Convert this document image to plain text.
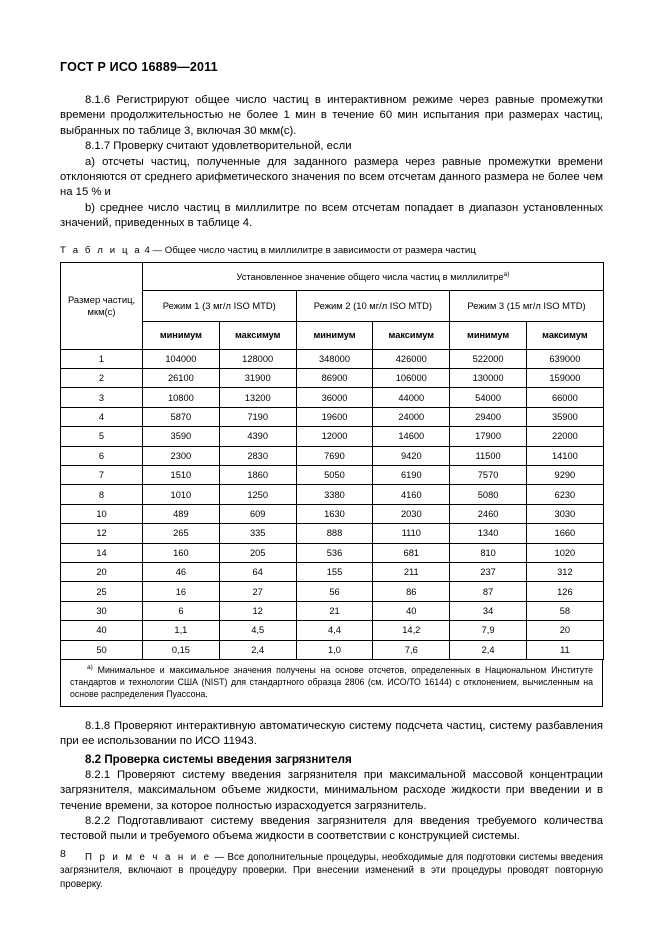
ГОСТ Р ИСО 16889—2011

8.1.6 Регистрируют общее число частиц в интерактивном режиме через равные промежутки времени продолжительностью не более 1 мин в течение 60 мин испытания при размерах частиц, выбранных по таблице 3, включая 30 мкм(с).

8.1.7 Проверку считают удовлетворительной, если

a) отсчеты частиц, полученные для заданного размера через равные промежутки времени отклоняются от среднего арифметического значения по всем отсчетам данного размера не более чем на 15 % и

b) среднее число частиц в миллилитре по всем отсчетам попадает в диапазон установленных значений, приведенных в таблице 4.

Т а б л и ц а 4 — Общее число частиц в миллилитре в зависимости от размера частиц
Размер частиц, мкм(с)	Установленное значение общего числа частиц в миллилитре$^{a)}$
	Режим 1 (3 мг/л ISO MTD)		Режим 2 (10 мг/л ISO MTD)		Режим 3 (15 мг/л ISO MTD)	
	минимум	максимум	минимум	максимум	минимум	максимум
1	104000	128000	348000	426000	522000	639000
2	26100	31900	86900	106000	130000	159000
3	10800	13200	36000	44000	54000	66000
4	5870	7190	19600	24000	29400	35900
5	3590	4390	12000	14600	17900	22000
6	2300	2830	7690	9420	11500	14100
7	1510	1860	5050	6190	7570	9290
8	1010	1250	3380	4160	5080	6230
10	489	609	1630	2030	2460	3030
12	265	335	888	1110	1340	1660
14	160	205	536	681	810	1020
20	46	64	155	211	237	312
25	16	27	56	86	87	126
30	6	12	21	40	34	58
40	1,1	4,5	4,4	14,2	7,9	20
50	0,15	2,4	1,0	7,6	2,4	11

$^{a)}$ Минимальное и максимальное значения получены на основе отсчетов, определенных в Национальном Институте стандартов и технологии США (NIST) для стандартного образца 2806 (см. ИСО/ТО 16144) с отклонением, вычисленным на основе распределения Пуассона.

8.1.8 Проверяют интерактивную автоматическую систему подсчета частиц, систему разбавления при ее использовании по ИСО 11943.

8.2 Проверка системы введения загрязнителя

8.2.1 Проверяют систему введения загрязнителя при максимальной массовой концентрации загрязнителя, максимальном объеме жидкости, минимальном расходе жидкости при введении и в течение времени, за которое полностью израсходуется загрязнитель.

8.2.2 Подготавливают систему введения загрязнителя для введения требуемого количества тестовой пыли и требуемого объема жидкости в соответствии с конструкцией системы.

П р и м е ч а н и е — Все дополнительные процедуры, необходимые для подготовки системы введения загрязнителя, включают в процедуру проверки. При внесении изменений в эти процедуры проводят повторную проверку.

8
